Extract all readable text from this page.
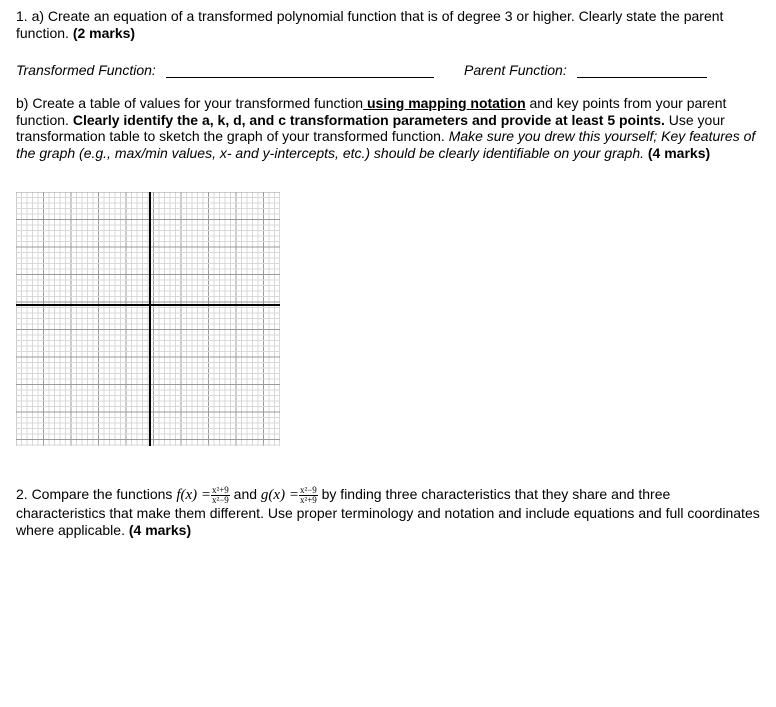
1. a) Create an equation of a transformed polynomial function that is of degree 3 or higher. Clearly state the parent function. (2 marks)
Transformed Function:	Parent Function:
b) Create a table of values for your transformed function using mapping notation and key points from your parent function. Clearly identify the a, k, d, and c transformation parameters and provide at least 5 points. Use your transformation table to sketch the graph of your transformed function. Make sure you drew this yourself; Key features of the graph (e.g., max/min values, x- and y-intercepts, etc.) should be clearly identifiable on your graph. (4 marks)
2. Compare the functions $f(x) = \frac{\text{x²+9}}{\text{x²−9}}$ and $g(x) = \frac{\text{x²−9}}{\text{x²+9}}$ by finding three characteristics that they share and three characteristics that make them different. Use proper terminology and notation and include equations and full coordinates where applicable. (4 marks)
